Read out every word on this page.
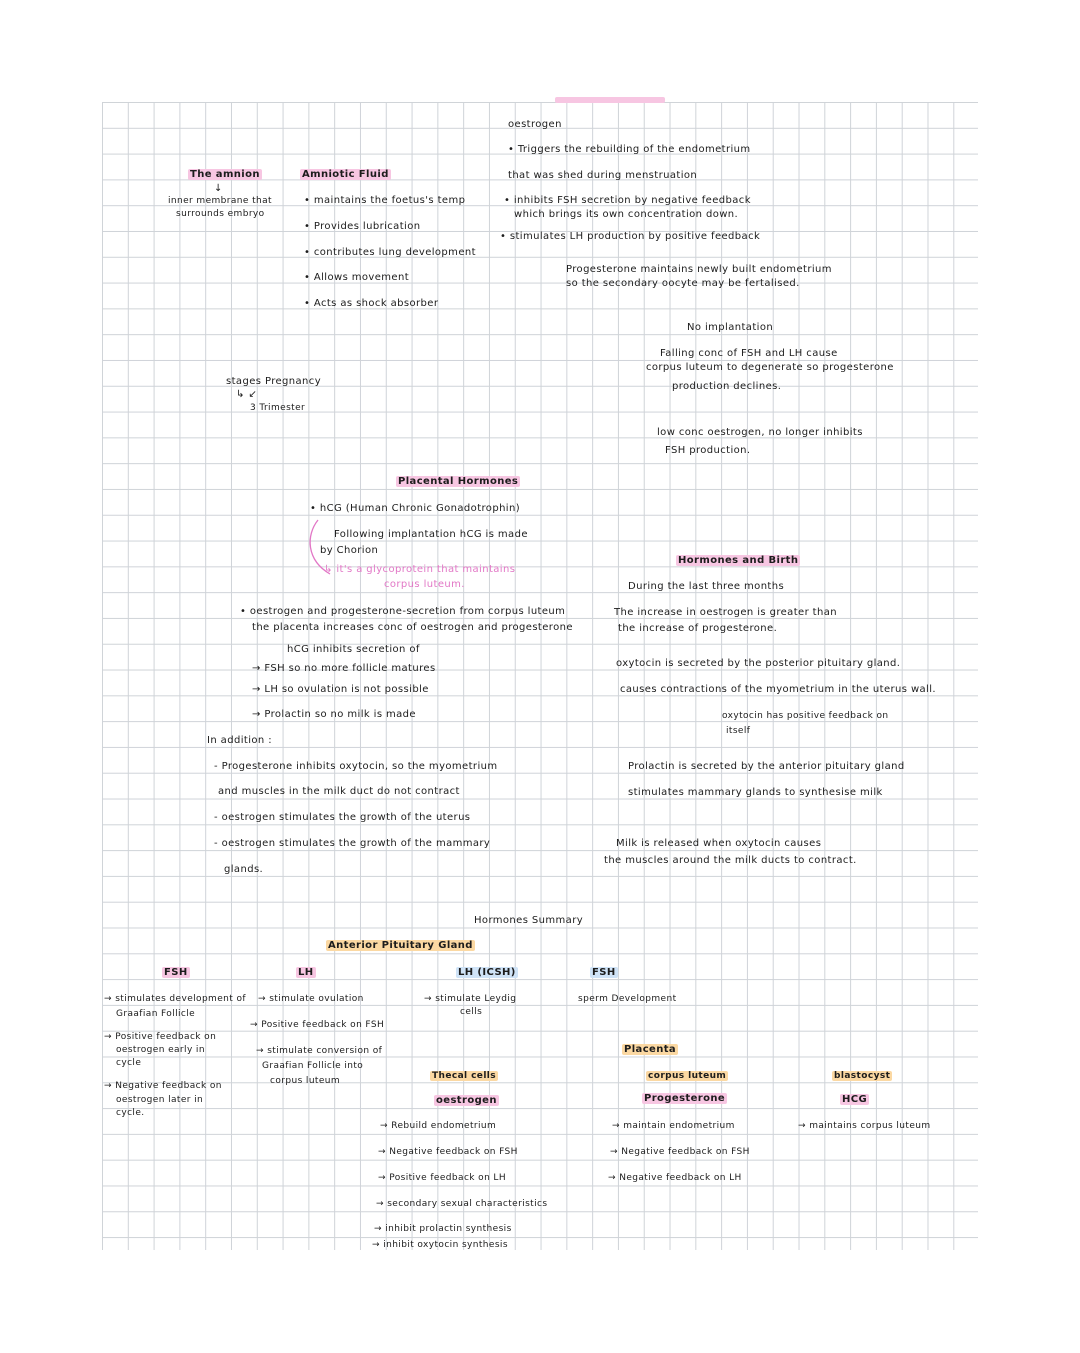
The amnion
↓
inner membrane that
surrounds embryo
Amniotic Fluid
• maintains the foetus's temp
• Provides lubrication
• contributes lung development
• Allows movement
• Acts as shock absorber
stages Pregnancy
↳ ↙
3 Trimester
oestrogen
• Triggers the rebuilding of the endometrium
that was shed during menstruation
• inhibits FSH secretion by negative feedback
which brings its own concentration down.
• stimulates LH production by positive feedback
Progesterone maintains newly built endometrium
so the secondary oocyte may be fertalised.
No implantation
Falling conc of FSH and LH cause
corpus luteum to degenerate so progesterone
production declines.
low conc oestrogen, no longer inhibits
FSH production.
Placental Hormones
• hCG (Human Chronic Gonadotrophin)
Following implantation hCG is made
by Chorion
↳ it's a glycoprotein that maintains
corpus luteum.
• oestrogen and progesterone-secretion from corpus luteum
the placenta increases conc of oestrogen and progesterone
hCG inhibits secretion of
→ FSH so no more follicle matures
→ LH so ovulation is not possible
→ Prolactin so no milk is made
In addition :
- Progesterone inhibits oxytocin, so the myometrium
and muscles in the milk duct do not contract
- oestrogen stimulates the growth of the uterus
- oestrogen stimulates the growth of the mammary
glands.
Hormones and Birth
During the last three months
The increase in oestrogen is greater than
the increase of progesterone.
oxytocin is secreted by the posterior pituitary gland.
causes contractions of the myometrium in the uterus wall.
oxytocin has positive feedback on
itself
Prolactin is secreted by the anterior pituitary gland
stimulates mammary glands to synthesise milk
Milk is released when oxytocin causes
the muscles around the milk ducts to contract.
Hormones Summary
Anterior Pituitary Gland
FSH
→ stimulates development of
Graafian Follicle
→ Positive feedback on
oestrogen early in
cycle
→ Negative feedback on
oestrogen later in
cycle.
LH
→ stimulate ovulation
→ Positive feedback on FSH
→ stimulate conversion of
Graafian Follicle into
corpus luteum
LH (ICSH)
→ stimulate Leydig
cells
FSH
sperm Development
Placenta
Thecal cells
oestrogen
→ Rebuild endometrium
→ Negative feedback on FSH
→ Positive feedback on LH
→ secondary sexual characteristics
→ inhibit prolactin synthesis
→ inhibit oxytocin synthesis
corpus luteum
Progesterone
→ maintain endometrium
→ Negative feedback on FSH
→ Negative feedback on LH
blastocyst
HCG
→ maintains corpus luteum
